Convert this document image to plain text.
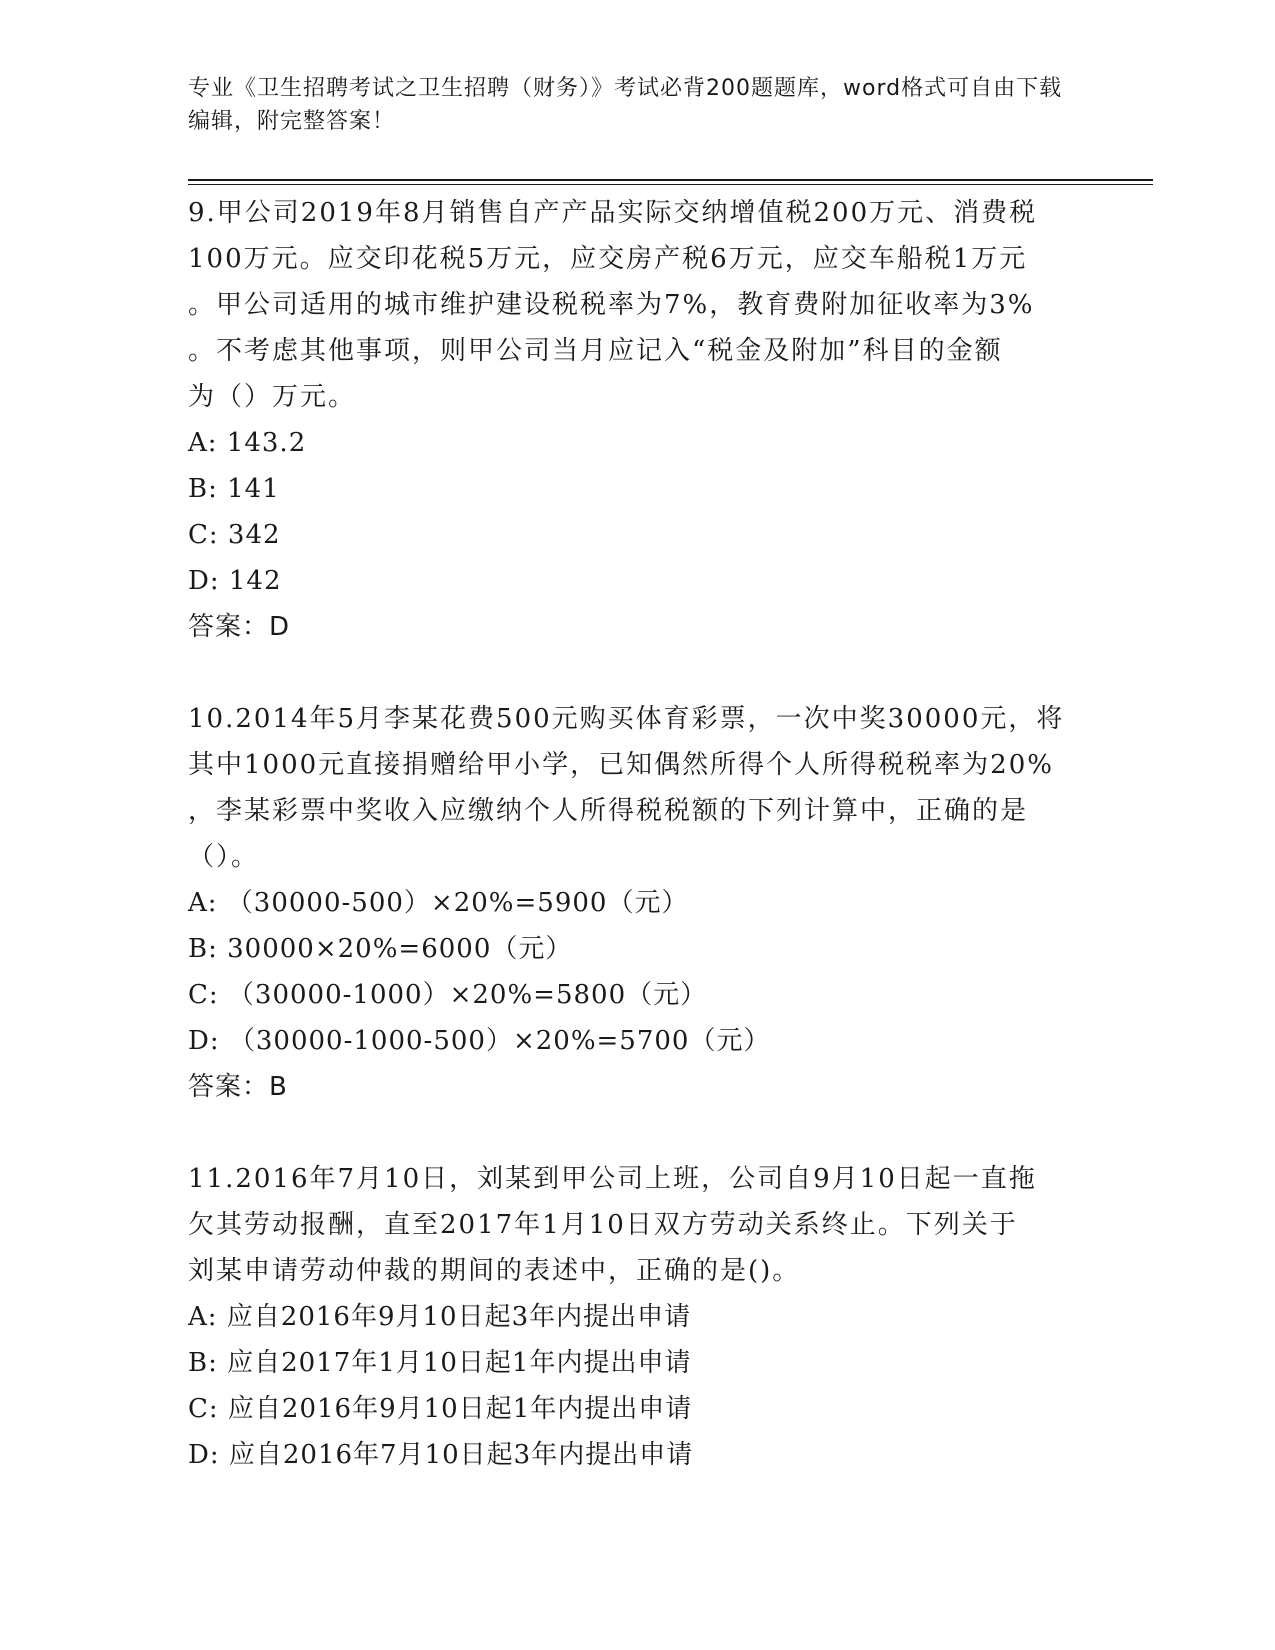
专业《卫生招聘考试之卫生招聘（财务）》考试必背200题题库，word格式可自由下载编辑，附完整答案！
9.甲公司2019年8月销售自产产品实际交纳增值税200万元、消费税
100万元。应交印花税5万元，应交房产税6万元，应交车船税1万元
。甲公司适用的城市维护建设税税率为7%，教育费附加征收率为3%
。不考虑其他事项，则甲公司当月应记入“税金及附加”科目的金额
为（）万元。
A: 143.2
B: 141
C: 342
D: 142
答案：D
10.2014年5月李某花费500元购买体育彩票，一次中奖30000元，将
其中1000元直接捐赠给甲小学，已知偶然所得个人所得税税率为20%
，李某彩票中奖收入应缴纳个人所得税税额的下列计算中，正确的是
（）。
A: （30000-500）×20%=5900（元）
B: 30000×20%=6000（元）
C: （30000-1000）×20%=5800（元）
D: （30000-1000-500）×20%=5700（元）
答案：B
11.2016年7月10日，刘某到甲公司上班，公司自9月10日起一直拖
欠其劳动报酬，直至2017年1月10日双方劳动关系终止。下列关于
刘某申请劳动仲裁的期间的表述中，正确的是()。
A: 应自2016年9月10日起3年内提出申请
B: 应自2017年1月10日起1年内提出申请
C: 应自2016年9月10日起1年内提出申请
D: 应自2016年7月10日起3年内提出申请
